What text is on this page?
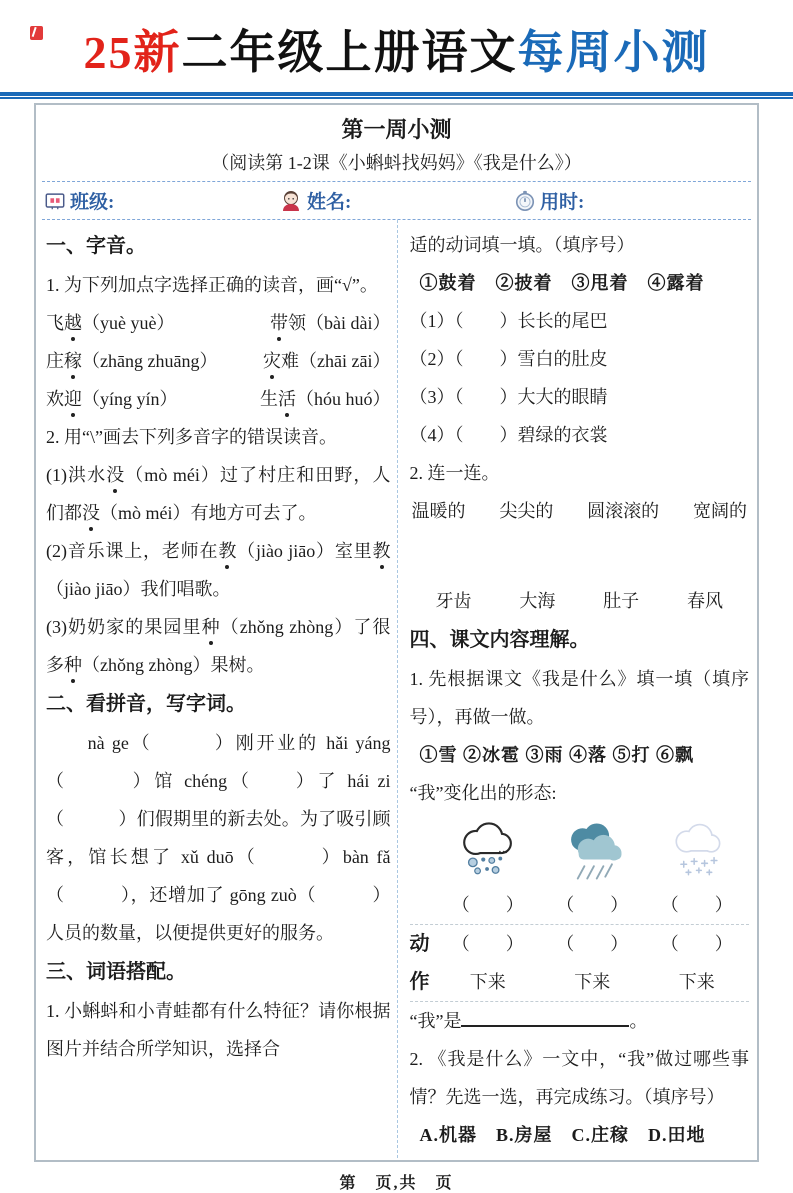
25新二年级上册语文每周小测
第一周小测
（阅读第 1-2课《小蝌蚪找妈妈》《我是什么》）
班级:	姓名:	用时:
一、字音。
1. 为下列加点字选择正确的读音，画“√”。
飞越（yuè yuè）	带领（bài dài）
庄稼（zhāng zhuāng）	灾难（zhāi zāi）
欢迎（yíng yín）	生活（hóu huó）
2. 用“\”画去下列多音字的错误读音。
(1)洪水没（mò méi）过了村庄和田野，人们都没（mò méi）有地方可去了。
(2)音乐课上，老师在教（jiào jiāo）室里教（jiào jiāo）我们唱歌。
(3)奶奶家的果园里种（zhǒng zhòng）了很多种（zhǒng zhòng）果树。
二、看拼音，写字词。
　　nà ge（　　　）刚开业的 hǎi yáng（　　　）馆 chéng（　　）了 hái zi（　　　）们假期里的新去处。为了吸引顾客，馆长想了 xǔ duō（　　　）bàn fǎ（　　　），还增加了 gōng zuò（　　　）人员的数量，以便提供更好的服务。
三、词语搭配。
1. 小蝌蚪和小青蛙都有什么特征？请你根据图片并结合所学知识，选择合
适的动词填一填。（填序号）
①鼓着　②披着　③甩着　④露着
（1）（　　）长长的尾巴
（2）（　　）雪白的肚皮
（3）（　　）大大的眼睛
（4）（　　）碧绿的衣裳
2. 连一连。
温暖的 尖尖的 圆滚滚的 宽阔的
牙齿	大海	肚子	春风
四、课文内容理解。
1. 先根据课文《我是什么》填一填（填序号），再做一做。
①雪 ②冰雹 ③雨 ④落 ⑤打 ⑥飘
“我”变化出的形态:
（　　）	（　　）	（　　）
动	（　　）	（　　）	（　　）
作	下来	下来	下来
“我”是	。
2. 《我是什么》一文中，“我”做过哪些事情？先选一选，再完成练习。（填序号）
A.机器　B.房屋　C.庄稼　D.田地
第　页,共　页
